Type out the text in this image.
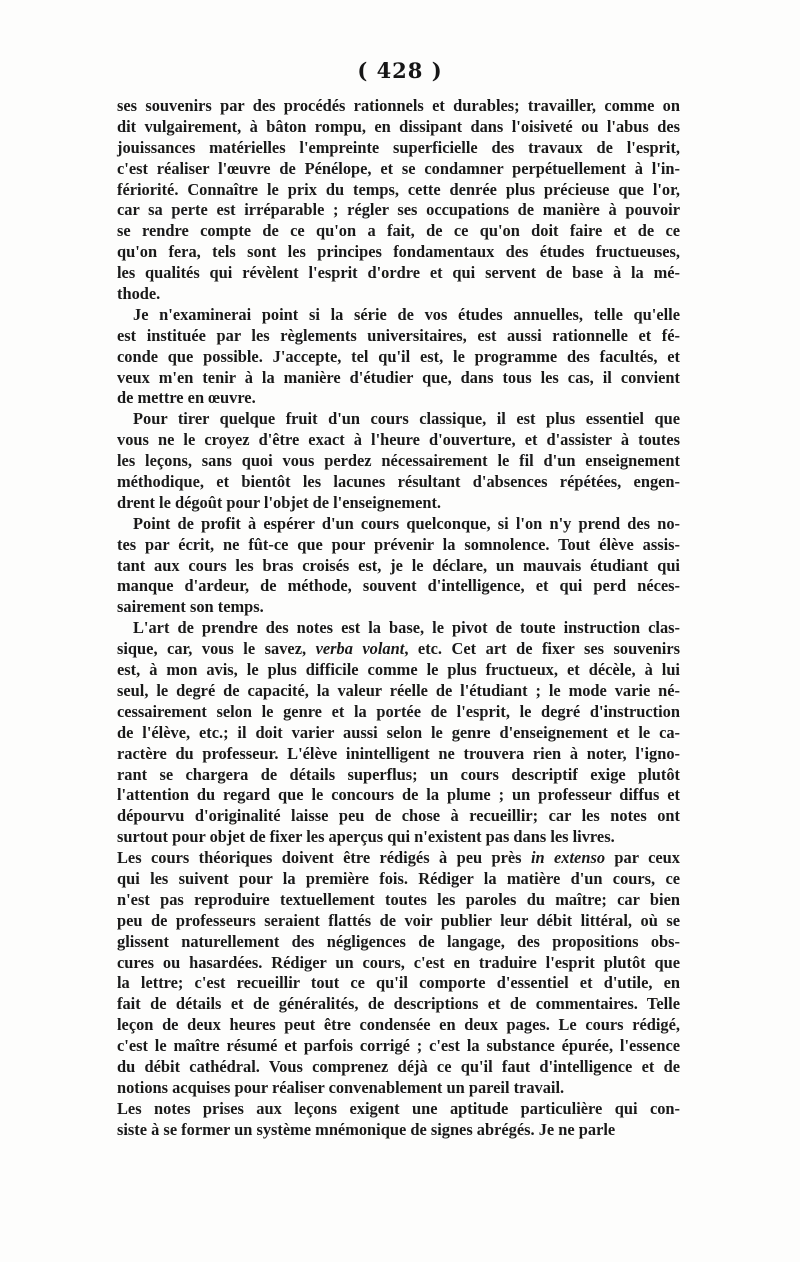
( 428 )
ses souvenirs par des procédés rationnels et durables; travailler, comme on
dit vulgairement, à bâton rompu, en dissipant dans l'oisiveté ou l'abus des
jouissances matérielles l'empreinte superficielle des travaux de l'esprit,
c'est réaliser l'œuvre de Pénélope, et se condamner perpétuellement à l'in-
fériorité. Connaître le prix du temps, cette denrée plus précieuse que l'or,
car sa perte est irréparable ; régler ses occupations de manière à pouvoir
se rendre compte de ce qu'on a fait, de ce qu'on doit faire et de ce
qu'on fera, tels sont les principes fondamentaux des études fructueuses,
les qualités qui révèlent l'esprit d'ordre et qui servent de base à la mé-
thode.
Je n'examinerai point si la série de vos études annuelles, telle qu'elle
est instituée par les règlements universitaires, est aussi rationnelle et fé-
conde que possible. J'accepte, tel qu'il est, le programme des facultés, et
veux m'en tenir à la manière d'étudier que, dans tous les cas, il convient
de mettre en œuvre.
Pour tirer quelque fruit d'un cours classique, il est plus essentiel que
vous ne le croyez d'être exact à l'heure d'ouverture, et d'assister à toutes
les leçons, sans quoi vous perdez nécessairement le fil d'un enseignement
méthodique, et bientôt les lacunes résultant d'absences répétées, engen-
drent le dégoût pour l'objet de l'enseignement.
Point de profit à espérer d'un cours quelconque, si l'on n'y prend des no-
tes par écrit, ne fût-ce que pour prévenir la somnolence. Tout élève assis-
tant aux cours les bras croisés est, je le déclare, un mauvais étudiant qui
manque d'ardeur, de méthode, souvent d'intelligence, et qui perd néces-
sairement son temps.
L'art de prendre des notes est la base, le pivot de toute instruction clas-
sique, car, vous le savez, verba volant, etc. Cet art de fixer ses souvenirs
est, à mon avis, le plus difficile comme le plus fructueux, et décèle, à lui
seul, le degré de capacité, la valeur réelle de l'étudiant ; le mode varie né-
cessairement selon le genre et la portée de l'esprit, le degré d'instruction
de l'élève, etc.; il doit varier aussi selon le genre d'enseignement et le ca-
ractère du professeur. L'élève inintelligent ne trouvera rien à noter, l'igno-
rant se chargera de détails superflus; un cours descriptif exige plutôt
l'attention du regard que le concours de la plume ; un professeur diffus et
dépourvu d'originalité laisse peu de chose à recueillir; car les notes ont
surtout pour objet de fixer les aperçus qui n'existent pas dans les livres.
Les cours théoriques doivent être rédigés à peu près in extenso par ceux
qui les suivent pour la première fois. Rédiger la matière d'un cours, ce
n'est pas reproduire textuellement toutes les paroles du maître; car bien
peu de professeurs seraient flattés de voir publier leur débit littéral, où se
glissent naturellement des négligences de langage, des propositions obs-
cures ou hasardées. Rédiger un cours, c'est en traduire l'esprit plutôt que
la lettre; c'est recueillir tout ce qu'il comporte d'essentiel et d'utile, en
fait de détails et de généralités, de descriptions et de commentaires. Telle
leçon de deux heures peut être condensée en deux pages. Le cours rédigé,
c'est le maître résumé et parfois corrigé ; c'est la substance épurée, l'essence
du débit cathédral. Vous comprenez déjà ce qu'il faut d'intelligence et de
notions acquises pour réaliser convenablement un pareil travail.
Les notes prises aux leçons exigent une aptitude particulière qui con-
siste à se former un système mnémonique de signes abrégés. Je ne parle
